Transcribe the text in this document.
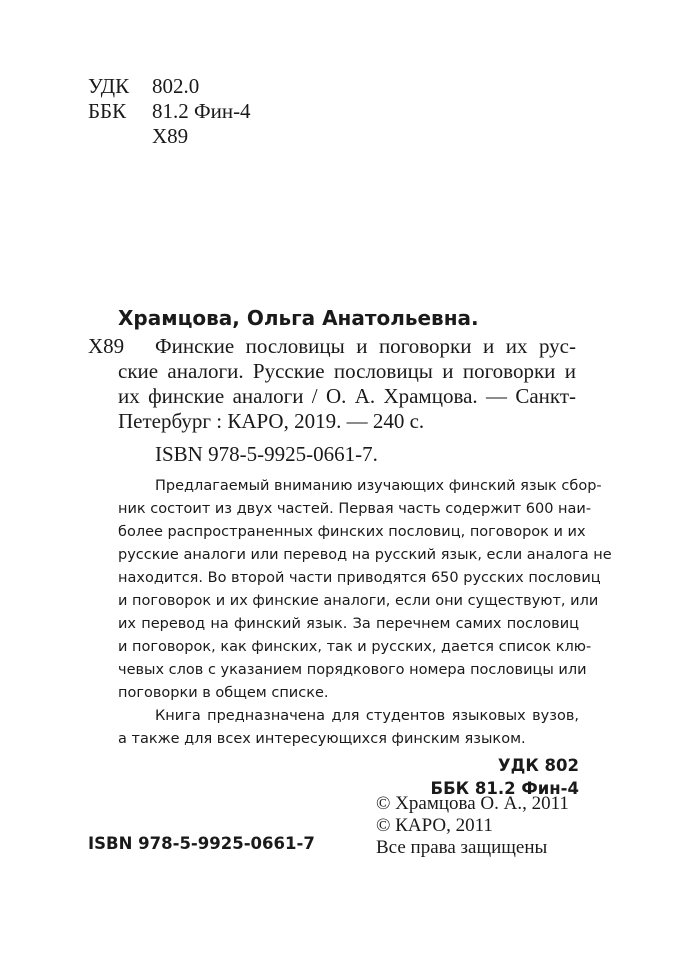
УДК 802.0
ББК 81.2 Фин-4
Х89
Храмцова, Ольга Анатольевна.
Х89 Финские пословицы и поговорки и их рус-
ские аналоги. Русские пословицы и поговорки и
их финские аналоги / О. А. Храмцова. — Санкт-
Петербург : КАРО, 2019. — 240 с.
ISBN 978-5-9925-0661-7.
Предлагаемый вниманию изучающих финский язык сбор-
ник состоит из двух частей. Первая часть содержит 600 наи-
более распространенных финских пословиц, поговорок и их
русские аналоги или перевод на русский язык, если аналога не
находится. Во второй части приводятся 650 русских пословиц
и поговорок и их финские аналоги, если они существуют, или
их перевод на финский язык. За перечнем самих пословиц
и поговорок, как финских, так и русских, дается список клю-
чевых слов с указанием порядкового номера пословицы или
поговорки в общем списке.
Книга предназначена для студентов языковых вузов,
а также для всех интересующихся финским языком.
УДК 802
ББК 81.2 Фин-4
ISBN 978-5-9925-0661-7
© Храмцова О. А., 2011
© КАРО, 2011
Все права защищены
